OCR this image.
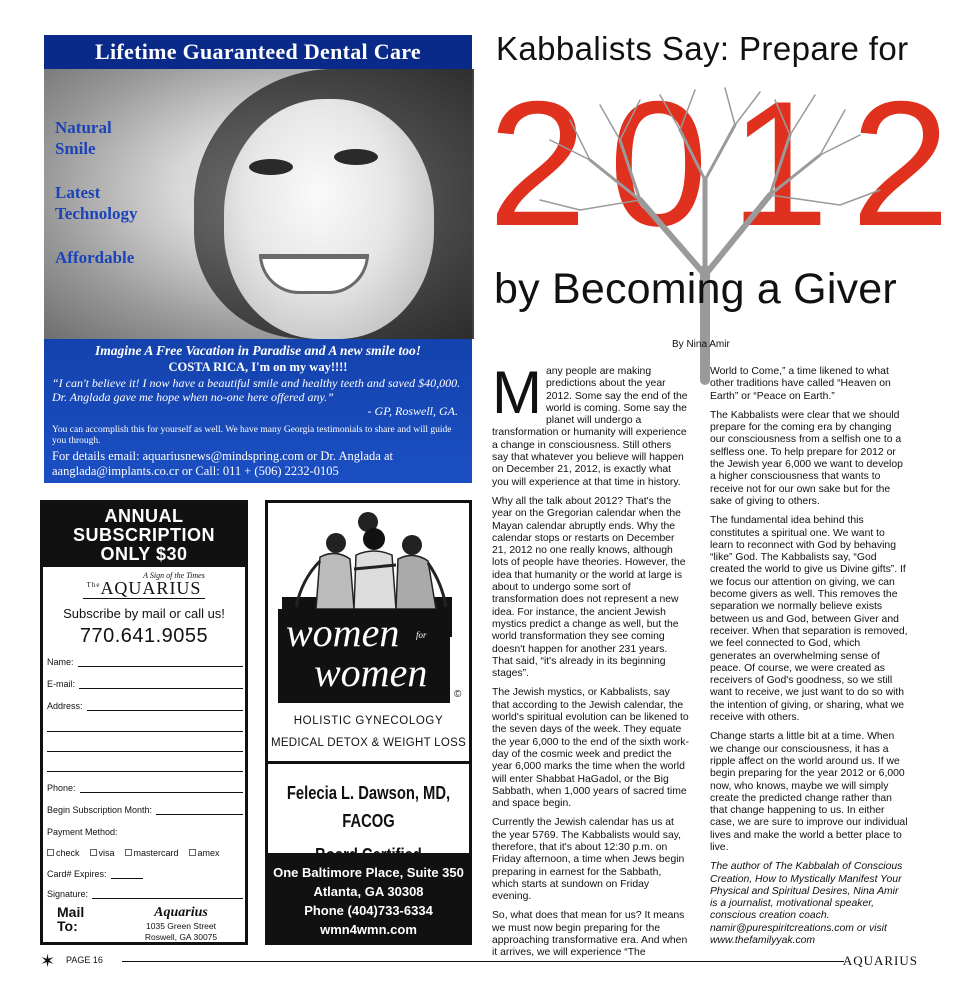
Lifetime Guaranteed Dental Care
Natural Smile
Latest Technology
Affordable
Imagine A Free Vacation in Paradise and A new smile too!
COSTA RICA, I'm on my way!!!!
“I can't believe it! I now have a beautiful smile and healthy teeth and saved $40,000. Dr. Anglada gave me hope when no-one here offered any.”
- GP, Roswell, GA.
You can accomplish this for yourself as well. We have many Georgia testimonials to share and will guide you through.
For details email: aquariusnews@mindspring.com or Dr. Anglada at aanglada@implants.co.cr or Call: 011 + (506) 2232-0105
WWW.COSTARICAIMPLANTS.COM
ANNUAL
SUBSCRIPTION
ONLY $30
A Sign of the Times
$^{The}$AQUARIUS
Subscribe by mail or call us!
770.641.9055
Name:
E-mail:
Address:
Phone:
Begin Subscription Month:
Payment Method:
check	visa	mastercard	amex
Card# Expires:
Signature:
Mail
To:
Aquarius
1035 Green Street
Roswell, GA 30075
women for
women	©
HOLISTIC GYNECOLOGY
MEDICAL DETOX & WEIGHT LOSS
Felecia L. Dawson, MD, FACOG
One Baltimore Place, Suite 350
Atlanta, GA 30308
Phone (404)733-6334
wmn4wmn.com
Kabbalists Say: Prepare for
2012
by Becoming a Giver
By Nina Amir

Many people are making predictions about the year 2012. Some say the end of the world is coming. Some say the planet will undergo a transformation or humanity will experience a change in consciousness. Still others say that whatever you believe will happen on December 21, 2012, is exactly what you will experience at that time in history.

Why all the talk about 2012? That's the year on the Gregorian calendar when the Mayan calendar abruptly ends. Why the calendar stops or restarts on December 21, 2012 no one really knows, although lots of people have theories. However, the idea that humanity or the world at large is about to undergo some sort of transformation does not represent a new idea. For instance, the ancient Jewish mystics predict a change as well, but the world transformation they see coming doesn't happen for another 231 years. That said, “it's already in its beginning stages”.

The Jewish mystics, or Kabbalists, say that according to the Jewish calendar, the world's spiritual evolution can be likened to the seven days of the week. They equate the year 6,000 to the end of the sixth work-day of the cosmic week and predict the year 6,000 marks the time when the world will enter Shabbat HaGadol, or the Big Sabbath, when 1,000 years of sacred time and space begin.

Currently the Jewish calendar has us at the year 5769. The Kabbalists would say, therefore, that it's about 12:30 p.m. on Friday afternoon, a time when Jews begin preparing in earnest for the Sabbath, which starts at sundown on Friday evening.

So, what does that mean for us? It means we must now begin preparing for the approaching transformative era. And when it arrives, we will experience “The

World to Come,” a time likened to what other traditions have called “Heaven on Earth” or “Peace on Earth.”

The Kabbalists were clear that we should prepare for the coming era by changing our consciousness from a selfish one to a selfless one. To help prepare for 2012 or the Jewish year 6,000 we want to develop a higher consciousness that wants to receive not for our own sake but for the sake of giving to others.

The fundamental idea behind this constitutes a spiritual one. We want to learn to reconnect with God by behaving “like” God. The Kabbalists say, “God created the world to give us Divine gifts”. If we focus our attention on giving, we can become givers as well. This removes the separation we normally believe exists between us and God, between Giver and receiver. When that separation is removed, we feel connected to God, which generates an overwhelming sense of peace. Of course, we were created as receivers of God's goodness, so we still want to receive, we just want to do so with the intention of giving, or sharing, what we receive with others.

Change starts a little bit at a time. When we change our consciousness, it has a ripple affect on the world around us. If we begin preparing for the year 2012 or 6,000 now, who knows, maybe we will simply create the predicted change rather than that change happening to us. In either case, we are sure to improve our individual lives and make the world a better place to live.

The author of The Kabbalah of Conscious Creation, How to Mystically Manifest Your Physical and Spiritual Desires, Nina Amir is a journalist, motivational speaker, conscious creation coach. namir@purespiritcreations.com or visit www.thefamilyyak.com

✶ PAGE 16	AQUARIUS
